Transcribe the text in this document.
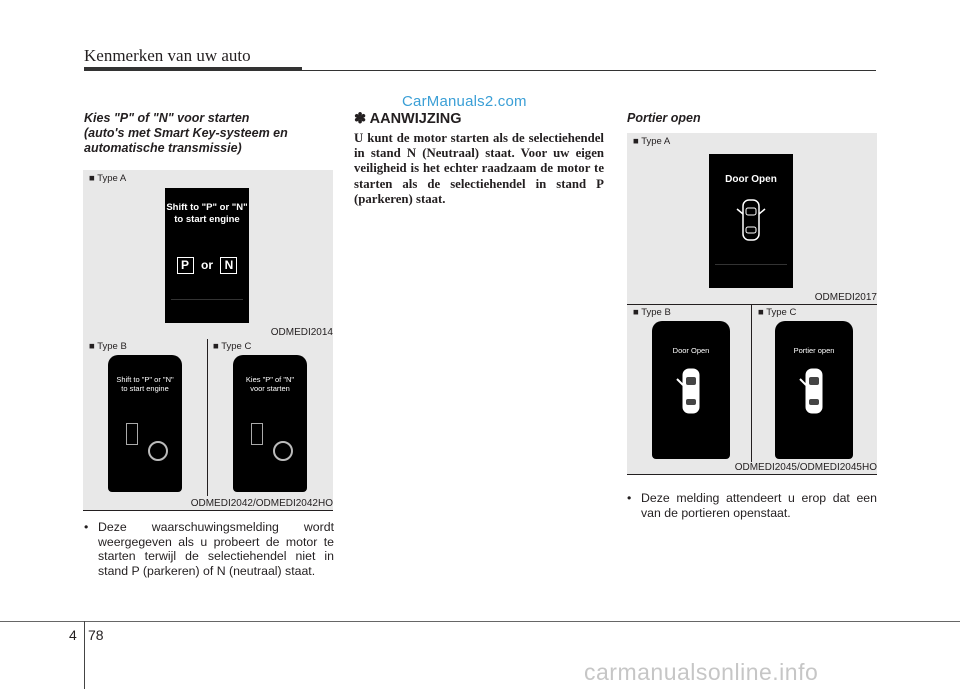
Kenmerken van uw auto
CarManuals2.com
Kies "P" of "N" voor starten
(auto's met Smart Key-systeem en
automatische transmissie)
■ Type A
Shift to "P" or "N"
to start engine
P or N
ODMEDI2014
■ Type B	■ Type C
Shift to "P" or "N"
to start engine
Kies "P" of "N"
voor starten
ODMEDI2042/ODMEDI2042HO
• Deze waarschuwingsmelding wordt weergegeven als u probeert de motor te starten terwijl de selectiehendel niet in stand P (parkeren) of N (neutraal) staat.
✽ AANWIJZING
U kunt de motor starten als de selectiehendel in stand N (Neutraal) staat. Voor uw eigen veiligheid is het echter raadzaam de motor te starten als de selectiehendel in stand P (parkeren) staat.
Portier open
■ Type A
Door Open
ODMEDI2017
■ Type B	■ Type C
Door Open	Portier open
ODMEDI2045/ODMEDI2045HO
• Deze melding attendeert u erop dat een van de portieren openstaat.
4 78
carmanualsonline.info
